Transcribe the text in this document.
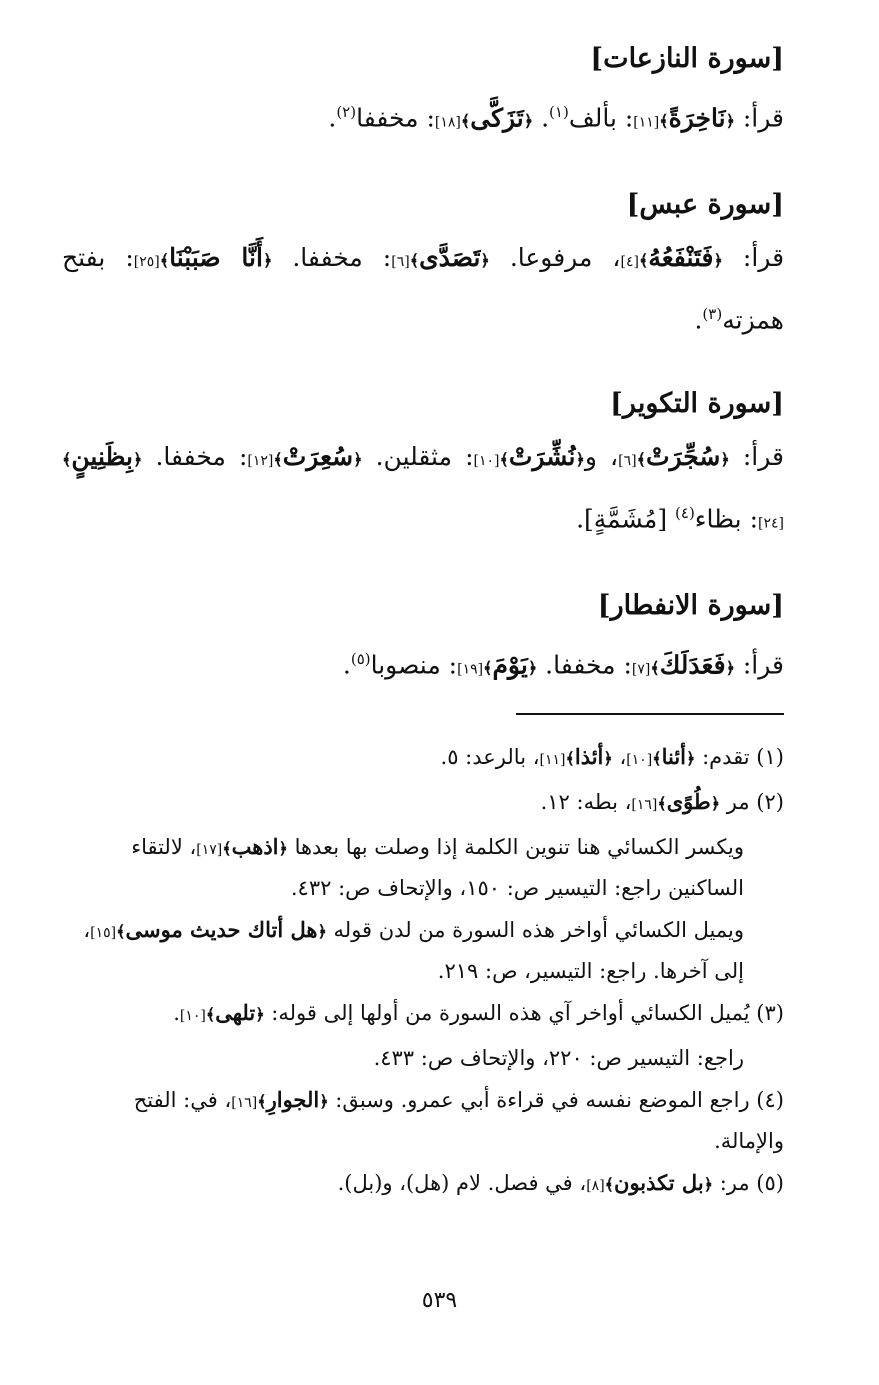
[سورة النازعات]

قرأ: ﴿نَاخِرَةً﴾[١١]: بألف$^{(١)}$. ﴿تَزَكَّى﴾[١٨]: مخففا$^{(٢)}$.

[سورة عبس]

قرأ: ﴿فَتَنْفَعُهُ﴾[٤]، مرفوعا. ﴿تَصَدَّى﴾[٦]: مخففا. ﴿أَنَّا صَبَبْنَا﴾[٢٥]: بفتح همزته$^{(٣)}$.

[سورة التكوير]

قرأ: ﴿سُجِّرَتْ﴾[٦]، و﴿نُشِّرَتْ﴾[١٠]: مثقلين. ﴿سُعِرَتْ﴾[١٢]: مخففا. ﴿بِظَنِينٍ﴾[٢٤]: بظاء$^{(٤)}$ [مُشَمَّةٍ].

[سورة الانفطار]

قرأ: ﴿فَعَدَلَكَ﴾[٧]: مخففا. ﴿يَوْمَ﴾[١٩]: منصوبا$^{(٥)}$.

(١) تقدم: ﴿أئنا﴾[١٠]، ﴿أئذا﴾[١١]، بالرعد: ٥.

(٢) مر ﴿طُوًى﴾[١٦]، بطه: ١٢.

ويكسر الكسائي هنا تنوين الكلمة إذا وصلت بها بعدها ﴿اذهب﴾[١٧]، لالتقاء الساكنين راجع: التيسير ص: ١٥٠، والإتحاف ص: ٤٣٢.

ويميل الكسائي أواخر هذه السورة من لدن قوله ﴿هل أتاك حديث موسى﴾[١٥]، إلى آخرها. راجع: التيسير، ص: ٢١٩.

(٣) يُميل الكسائي أواخر آي هذه السورة من أولها إلى قوله: ﴿تلهى﴾[١٠].

راجع: التيسير ص: ٢٢٠، والإتحاف ص: ٤٣٣.

(٤) راجع الموضع نفسه في قراءة أبي عمرو. وسبق: ﴿الجوارِ﴾[١٦]، في: الفتح والإمالة.

(٥) مر: ﴿بل تكذبون﴾[٨]، في فصل. لام (هل)، و(بل).

٥٣٩
